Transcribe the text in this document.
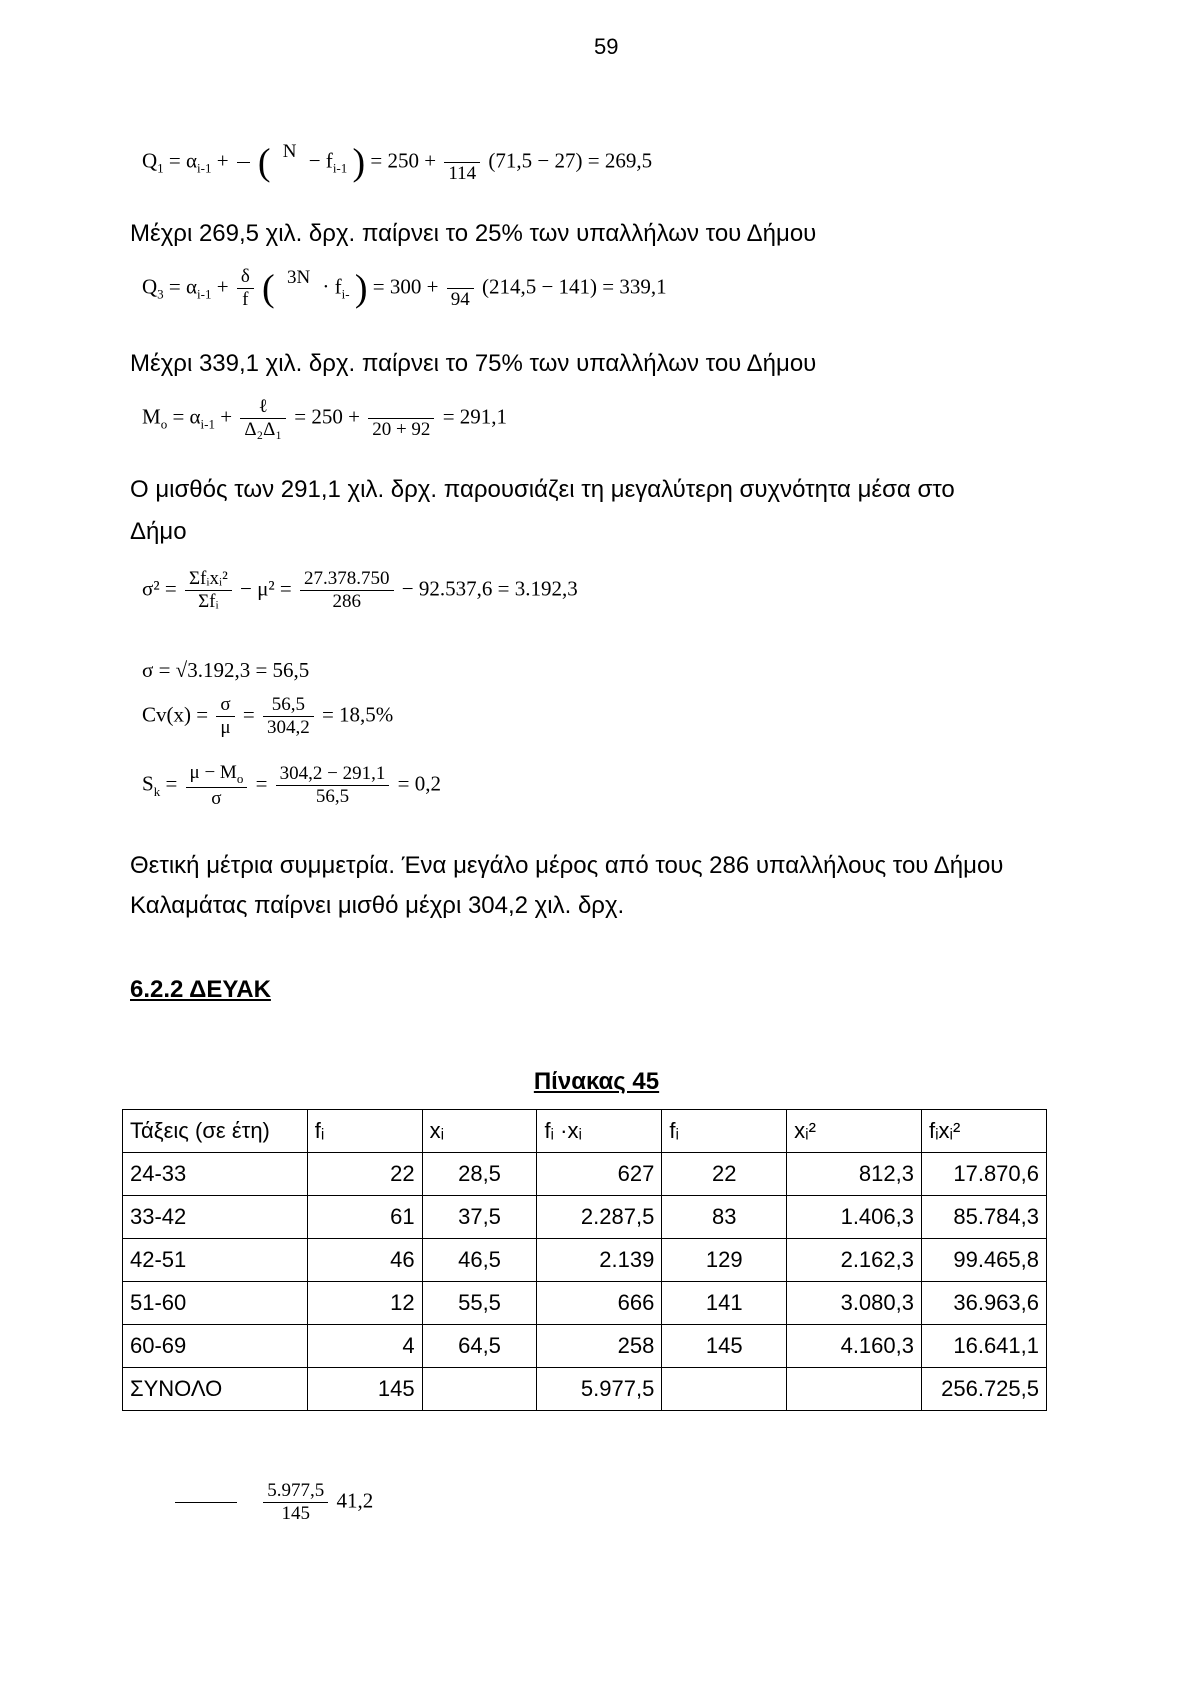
59
$Q_1 = \alpha_{i-1}$ +

( N
− $f_{i-1}$ ) = 250 +

114
(71,5 − 27) = 269,5
Μέχρι 269,5 χιλ. δρχ. παίρνει το 25% των υπαλλήλων του Δήμου
$Q_3 = \alpha_{i-1} + \frac{\delta}{f}$ ( 3N
· $f_{i-}$ ) = 300 +

94
(214,5 − 141) = 339,1
Μέχρι 339,1 χιλ. δρχ. παίρνει το 75% των υπαλλήλων του Δήμου
$M_o = \alpha_{i-1} + \frac{\text{ℓ}}{\text{Δ₂Δ₁}} = 250$ +

20 + 92
= 291,1
Ο μισθός των 291,1 χιλ. δρχ. παρουσιάζει τη μεγαλύτερη συχνότητα μέσα στο
Δήμο
$\sigma^2 = \frac{\text{Σfᵢxᵢ²}}{\text{Σfᵢ}} - \mu^2 = \frac{27.378.750}{286} - 92.537,6 = 3.192,3$
σ = √3.192,3 = 56,5
$Cv(x) = \frac{\sigma}{\mu} = \frac{56,5}{304,2} = 18,5\%$
$S_k = \frac{\mu - M_o}{\sigma} = \frac{304,2 - 291,1}{56,5} = 0,2$
Θετική μέτρια συμμετρία. Ένα μεγάλο μέρος από τους 286 υπαλλήλους του Δήμου
Καλαμάτας παίρνει μισθό μέχρι 304,2 χιλ. δρχ.
6.2.2 ΔΕΥΑΚ
Πίνακας 45
Τάξεις (σε έτη)	fᵢ	xᵢ	fᵢ ·xᵢ	fᵢ	xᵢ²	fᵢxᵢ²
24-33	22	28,5	627	22	812,3	17.870,6
33-42	61	37,5	2.287,5	83	1.406,3	85.784,3
42-51	46	46,5	2.139	129	2.162,3	99.465,8
51-60	12	55,5	666	141	3.080,3	36.963,6
60-69	4	64,5	258	145	4.160,3	16.641,1
ΣΥΝΟΛΟ	145		5.977,5			256.725,5

$\frac{5.977,5}{145} 41,2$
